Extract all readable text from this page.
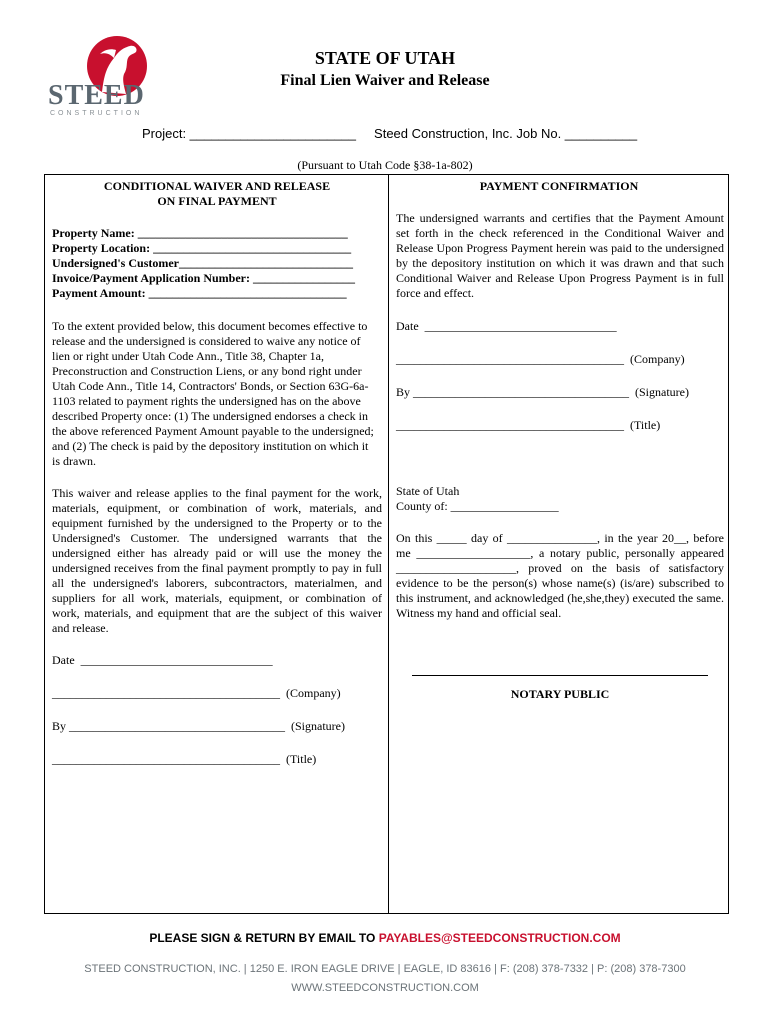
STEED
CONSTRUCTION
STATE OF UTAH
Final Lien Waiver and Release
Project: _______________________     Steed Construction, Inc. Job No. __________
(Pursuant to Utah Code §38-1a-802)
CONDITIONAL WAIVER AND RELEASE
ON FINAL PAYMENT
Property Name: ___________________________________
Property Location: _________________________________
Undersigned's Customer_____________________________
Invoice/Payment Application Number: _________________
Payment Amount: _________________________________
To the extent provided below, this document becomes effective to release and the undersigned is considered to waive any notice of lien or right under Utah Code Ann., Title 38, Chapter 1a, Preconstruction and Construction Liens, or any bond right under Utah Code Ann., Title 14, Contractors' Bonds, or Section 63G-6a-1103 related to payment rights the undersigned has on the above described Property once: (1) The undersigned endorses a check in the above referenced Payment Amount payable to the undersigned; and (2) The check is paid by the depository institution on which it is drawn.
This waiver and release applies to the final payment for the work, materials, equipment, or combination of work, materials, and equipment furnished by the undersigned to the Property or to the Undersigned's Customer. The undersigned warrants that the undersigned either has already paid or will use the money the undersigned receives from the final payment promptly to pay in full all the undersigned's laborers, subcontractors, materialmen, and suppliers for all work, materials, equipment, or combination of work, materials, and equipment that are the subject of this waiver and release.
Date  ________________________________
______________________________________  (Company)
By ____________________________________  (Signature)
______________________________________  (Title)
PAYMENT CONFIRMATION
The undersigned warrants and certifies that the Payment Amount set forth in the check referenced in the Conditional Waiver and Release Upon Progress Payment herein was paid to the undersigned by the depository institution on which it was drawn and that such Conditional Waiver and Release Upon Progress Payment is in full force and effect.
Date  ________________________________
______________________________________  (Company)
By ____________________________________  (Signature)
______________________________________  (Title)
State of Utah
County of: __________________
On this _____ day of _______________, in the year 20__, before me ___________________, a notary public, personally appeared ____________________, proved on the basis of satisfactory evidence to be the person(s) whose name(s) (is/are) subscribed to this instrument, and acknowledged (he,she,they) executed the same. Witness my hand and official seal.
NOTARY PUBLIC
PLEASE SIGN & RETURN BY EMAIL TO PAYABLES@STEEDCONSTRUCTION.COM
STEED CONSTRUCTION, INC. | 1250 E. IRON EAGLE DRIVE | EAGLE, ID 83616 | F: (208) 378-7332 | P: (208) 378-7300
WWW.STEEDCONSTRUCTION.COM
